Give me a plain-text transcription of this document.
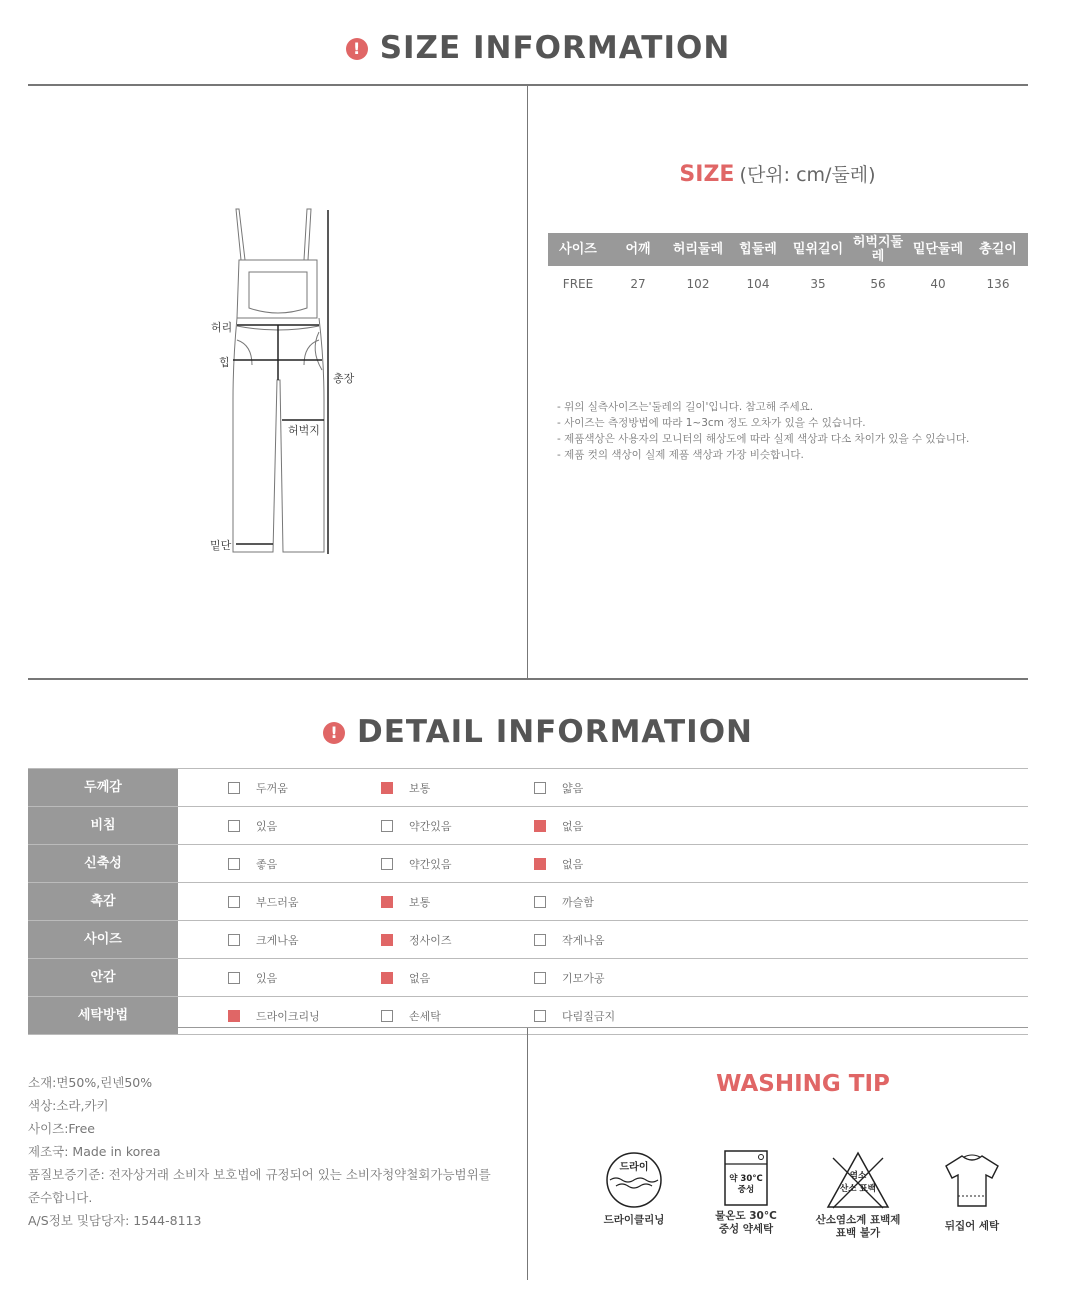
! SIZE INFORMATION
허리
힙
총장
허벅지
밑단
SIZE (단위: cm/둘레)
사이즈	어깨	허리둘레	힙둘레	밑위길이	허벅지둘레	밑단둘레	총길이
FREE	27	102	104	35	56	40	136
- 위의 실측사이즈는'둘레의 길이'입니다. 참고해 주세요.
- 사이즈는 측정방법에 따라 1~3cm 정도 오차가 있을 수 있습니다.
- 제품색상은 사용자의 모니터의 해상도에 따라 실제 색상과 다소 차이가 있을 수 있습니다.
- 제품 컷의 색상이 실제 제품 색상과 가장 비슷합니다.
! DETAIL INFORMATION
두께감	두꺼움	보통	얇음
비침	있음	약간있음	없음
신축성	좋음	약간있음	없음
촉감	부드러움	보통	까슬함
사이즈	크게나옴	정사이즈	작게나옴
안감	있음	없음	기모가공
세탁방법	드라이크리닝	손세탁	다림질금지
소재:면50%,린넨50%
색상:소라,카키
사이즈:Free
제조국: Made in korea
품질보증기준: 전자상거래 소비자 보호법에 규정되어 있는 소비자청약철회가능범위를
준수합니다.
A/S정보 및담당자: 1544-8113
WASHING TIP
드라이
드라이클리닝
약 30°C
중성
물온도 30°C
중성 약세탁
염소
산소 표백
산소염소계 표백제
표백 불가
뒤집어 세탁
